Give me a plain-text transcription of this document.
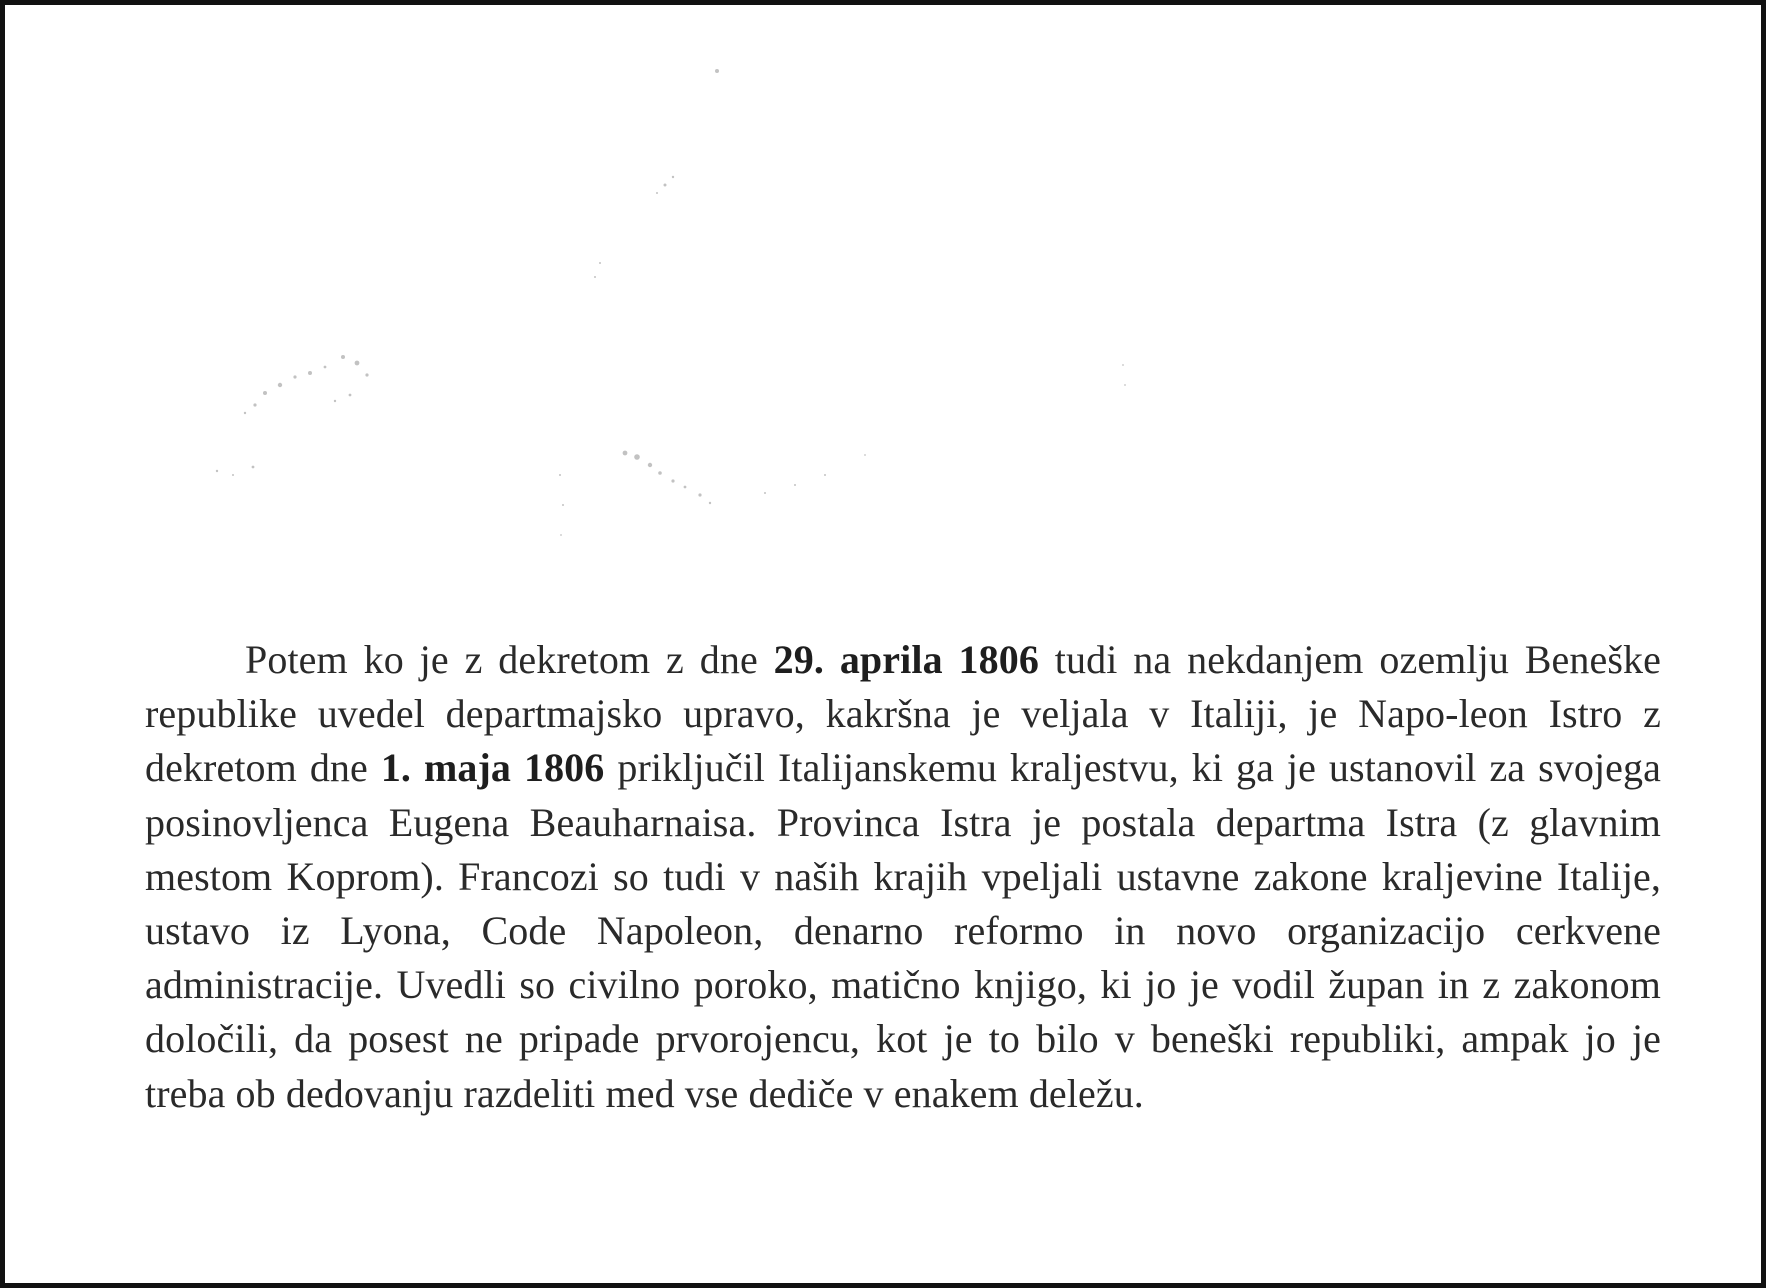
Potem ko je z dekretom z dne 29. aprila 1806 tudi na nekdanjem ozemlju Beneške republike uvedel departmajsko upravo, kakršna je veljala v Italiji, je Napo-leon Istro z dekretom dne 1. maja 1806 priključil Italijanskemu kraljestvu, ki ga je ustanovil za svojega posinovljenca Eugena Beauharnaisa. Provinca Istra je postala departma Istra (z glavnim mestom Koprom). Francozi so tudi v naših krajih vpeljali ustavne zakone kraljevine Italije, ustavo iz Lyona, Code Napoleon, denarno reformo in novo organizacijo cerkvene administracije. Uvedli so civilno poroko, matično knjigo, ki jo je vodil župan in z zakonom določili, da posest ne pripade prvorojencu, kot je to bilo v beneški republiki, ampak jo je treba ob dedovanju razdeliti med vse dediče v enakem deležu.
